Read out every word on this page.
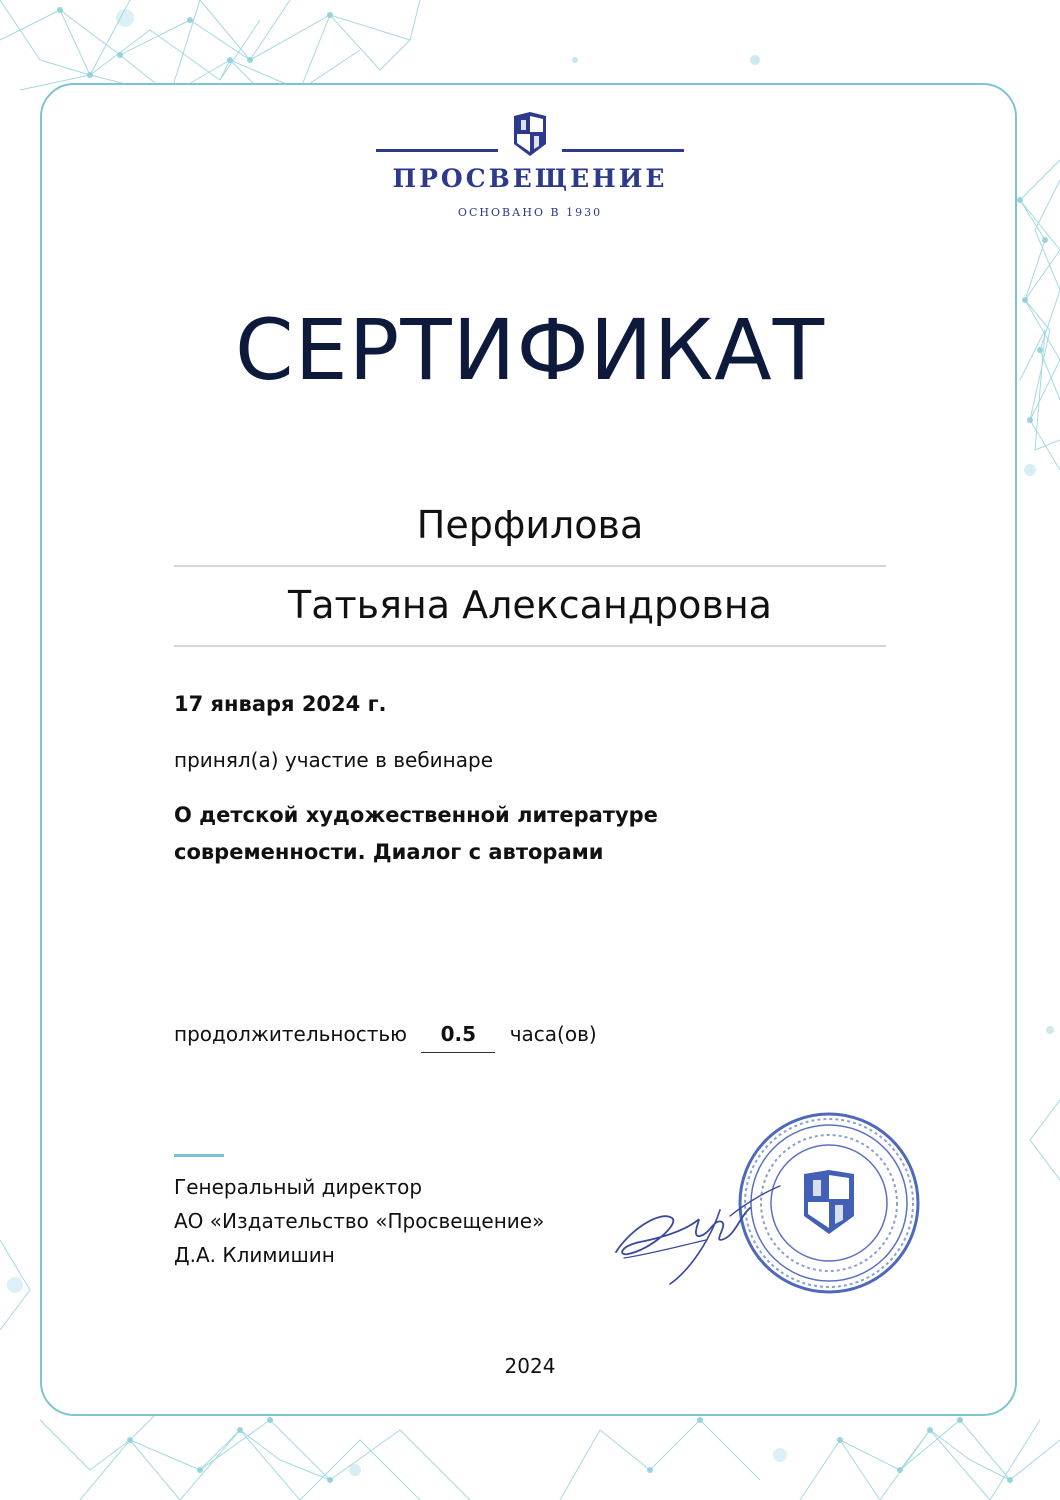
ПРОСВЕЩЕНИЕ
ОСНОВАНО В 1930
СЕРТИФИКАТ
Перфилова
Татьяна Александровна
17 января 2024 г.
принял(а) участие в вебинаре
О детской художественной литературе современности. Диалог с авторами
продолжительностью 0.5 часа(ов)
Генеральный директор
АО «Издательство «Просвещение»
Д.А. Климишин
2024
